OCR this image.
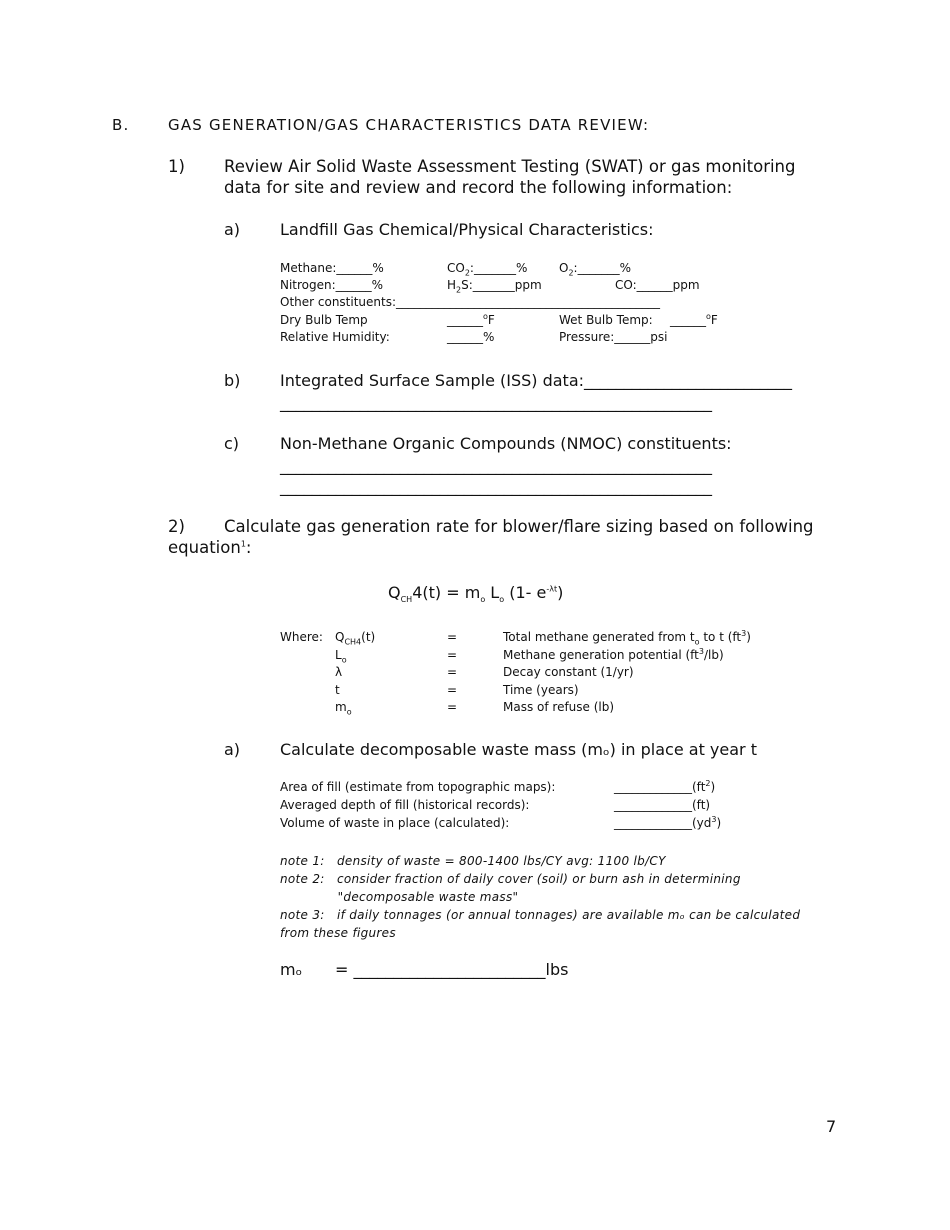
B.	GAS GENERATION/GAS CHARACTERISTICS DATA REVIEW:
1) Review Air Solid Waste Assessment Testing (SWAT) or gas monitoring
data for site and review and record the following information:
a) Landfill Gas Chemical/Physical Characteristics:
Methane:______%	$CO_2:\_\_\_\_\_\_\_\%$	$O_2:\_\_\_\_\_\_\_\%$
Nitrogen:______%	$H_2S:\_\_\_\_\_\_\_ppm$	CO:______ppm
Other constituents:____________________________________________
Dry Bulb Temp	______$^o$F	Wet Bulb Temp: ______$^o$F
Relative Humidity:	______%	Pressure:______psi
b) Integrated Surface Sample (ISS) data:__________________________
______________________________________________________
c)	Non-Methane Organic Compounds (NMOC) constituents:
______________________________________________________
______________________________________________________
2) Calculate gas generation rate for blower/flare sizing based on following
equation$^1$:
$Q_{CH}4(t) = m_o$ $L_o$ (1- $e^{-\lambda t}$)
Where: $Q_{CH4}(t)$	=	Total methane generated from $t_o$ to t $(ft^3)$
$L_o$	=	Methane generation potential $(ft^3/lb)$
λ	=	Decay constant (1/yr)
t	=	Time (years)
$m_o$	=	Mass of refuse (lb)
a) Calculate decomposable waste mass (mₒ) in place at year t
Area of fill (estimate from topographic maps):	$\_\_\_\_\_\_\_\_\_\_\_\_\_(ft^2)$
Averaged depth of fill (historical records):	_____________(ft)
Volume of waste in place (calculated):	$\_\_\_\_\_\_\_\_\_\_\_\_\_(yd^3)$
note 1:   density of waste = 800-1400 lbs/CY avg: 1100 lb/CY
note 2:   consider fraction of daily cover (soil) or burn ash in determining
"decomposable waste mass"
note 3:   if daily tonnages (or annual tonnages) are available mₒ can be calculated
from these figures
mₒ = ________________________lbs
7
